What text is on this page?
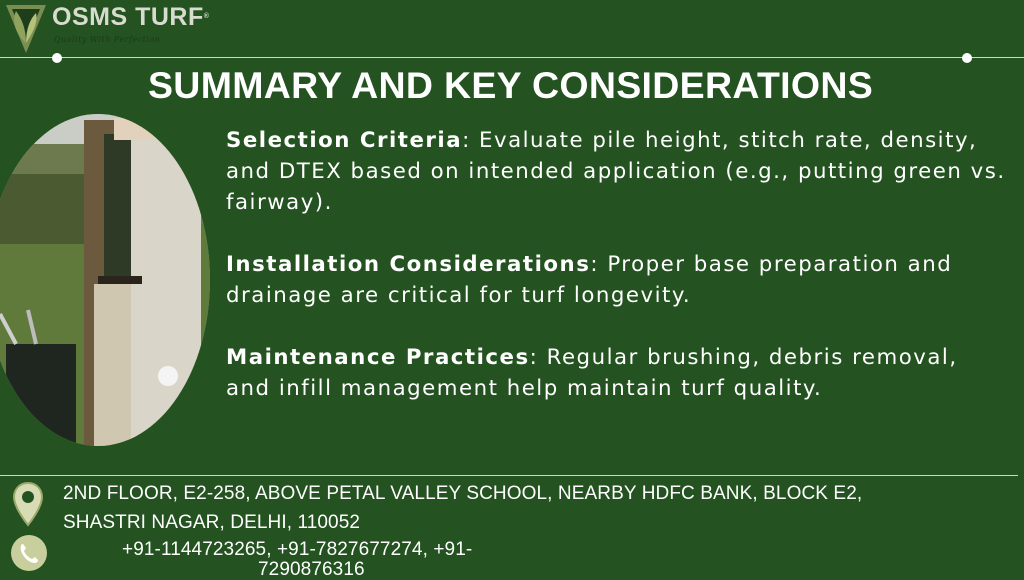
OSMS TURF®
Quality With Perfection
SUMMARY AND KEY CONSIDERATIONS
Selection Criteria: Evaluate pile height, stitch rate, density, and DTEX based on intended application (e.g., putting green vs. fairway).
Installation Considerations: Proper base preparation and drainage are critical for turf longevity.
Maintenance Practices: Regular brushing, debris removal, and infill management help maintain turf quality.
2ND FLOOR, E2-258, ABOVE PETAL VALLEY SCHOOL, NEARBY HDFC BANK, BLOCK E2,
SHASTRI NAGAR, DELHI, 110052
+91-1144723265, +91-7827677274, +91-
7290876316
